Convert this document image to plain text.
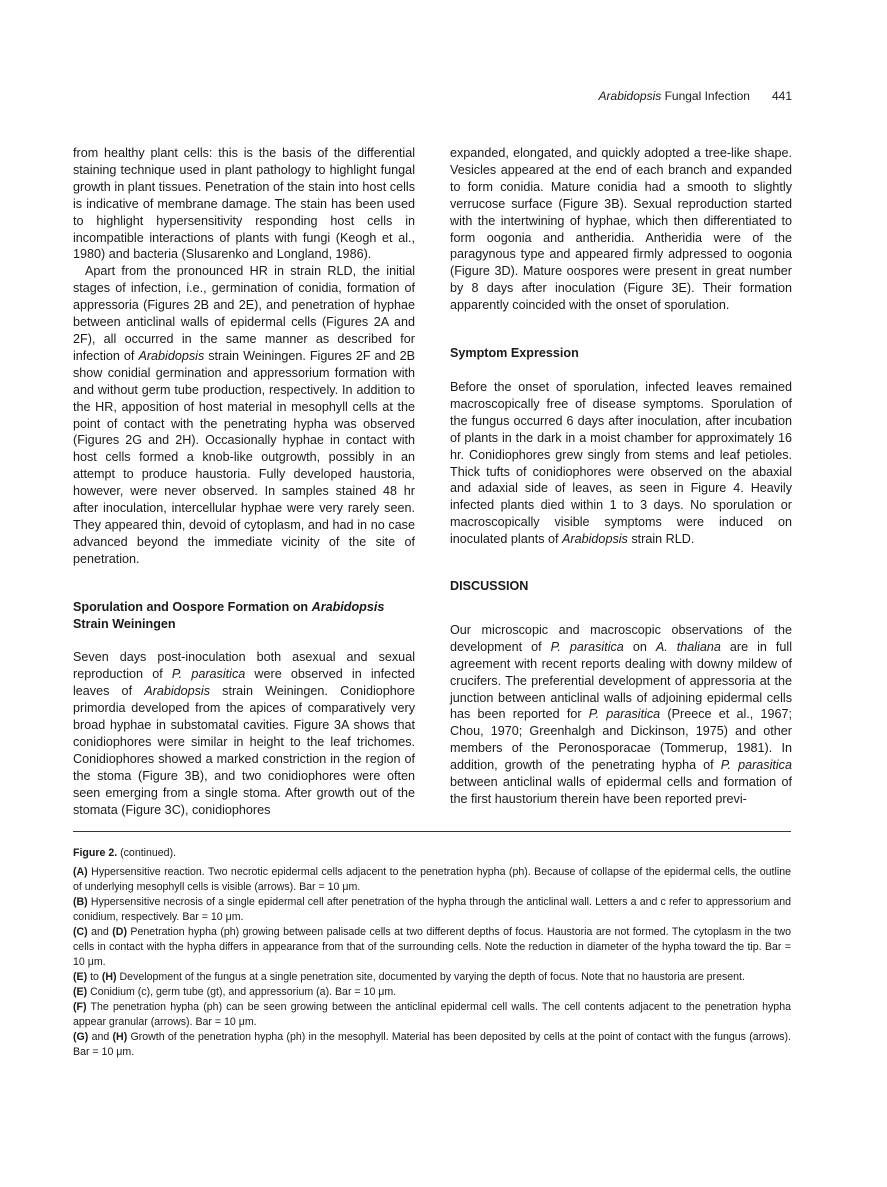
Arabidopsis Fungal Infection 441

from healthy plant cells: this is the basis of the differential staining technique used in plant pathology to highlight fungal growth in plant tissues. Penetration of the stain into host cells is indicative of membrane damage. The stain has been used to highlight hypersensitivity responding host cells in incompatible interactions of plants with fungi (Keogh et al., 1980) and bacteria (Slusarenko and Longland, 1986).

Apart from the pronounced HR in strain RLD, the initial stages of infection, i.e., germination of conidia, formation of appressoria (Figures 2B and 2E), and penetration of hyphae between anticlinal walls of epidermal cells (Figures 2A and 2F), all occurred in the same manner as described for infection of Arabidopsis strain Weiningen. Figures 2F and 2B show conidial germination and appressorium formation with and without germ tube production, respectively. In addition to the HR, apposition of host material in mesophyll cells at the point of contact with the penetrating hypha was observed (Figures 2G and 2H). Occasionally hyphae in contact with host cells formed a knob-like outgrowth, possibly in an attempt to produce haustoria. Fully developed haustoria, however, were never observed. In samples stained 48 hr after inoculation, intercellular hyphae were very rarely seen. They appeared thin, devoid of cytoplasm, and had in no case advanced beyond the immediate vicinity of the site of penetration.

Sporulation and Oospore Formation on Arabidopsis
Strain Weiningen

Seven days post-inoculation both asexual and sexual reproduction of P. parasitica were observed in infected leaves of Arabidopsis strain Weiningen. Conidiophore primordia developed from the apices of comparatively very broad hyphae in substomatal cavities. Figure 3A shows that conidiophores were similar in height to the leaf trichomes. Conidiophores showed a marked constriction in the region of the stoma (Figure 3B), and two conidiophores were often seen emerging from a single stoma. After growth out of the stomata (Figure 3C), conidiophores

expanded, elongated, and quickly adopted a tree-like shape. Vesicles appeared at the end of each branch and expanded to form conidia. Mature conidia had a smooth to slightly verrucose surface (Figure 3B). Sexual reproduction started with the intertwining of hyphae, which then differentiated to form oogonia and antheridia. Antheridia were of the paragynous type and appeared firmly adpressed to oogonia (Figure 3D). Mature oospores were present in great number by 8 days after inoculation (Figure 3E). Their formation apparently coincided with the onset of sporulation.

Symptom Expression

Before the onset of sporulation, infected leaves remained macroscopically free of disease symptoms. Sporulation of the fungus occurred 6 days after inoculation, after incubation of plants in the dark in a moist chamber for approximately 16 hr. Conidiophores grew singly from stems and leaf petioles. Thick tufts of conidiophores were observed on the abaxial and adaxial side of leaves, as seen in Figure 4. Heavily infected plants died within 1 to 3 days. No sporulation or macroscopically visible symptoms were induced on inoculated plants of Arabidopsis strain RLD.

DISCUSSION

Our microscopic and macroscopic observations of the development of P. parasitica on A. thaliana are in full agreement with recent reports dealing with downy mildew of crucifers. The preferential development of appressoria at the junction between anticlinal walls of adjoining epidermal cells has been reported for P. parasitica (Preece et al., 1967; Chou, 1970; Greenhalgh and Dickinson, 1975) and other members of the Peronosporacae (Tommerup, 1981). In addition, growth of the penetrating hypha of P. parasitica between anticlinal walls of epidermal cells and formation of the first haustorium therein have been reported previ-

Figure 2. (continued).

(A) Hypersensitive reaction. Two necrotic epidermal cells adjacent to the penetration hypha (ph). Because of collapse of the epidermal cells, the outline of underlying mesophyll cells is visible (arrows). Bar = 10 μm.

(B) Hypersensitive necrosis of a single epidermal cell after penetration of the hypha through the anticlinal wall. Letters a and c refer to appressorium and conidium, respectively. Bar = 10 μm.

(C) and (D) Penetration hypha (ph) growing between palisade cells at two different depths of focus. Haustoria are not formed. The cytoplasm in the two cells in contact with the hypha differs in appearance from that of the surrounding cells. Note the reduction in diameter of the hypha toward the tip. Bar = 10 μm.

(E) to (H) Development of the fungus at a single penetration site, documented by varying the depth of focus. Note that no haustoria are present.

(E) Conidium (c), germ tube (gt), and appressorium (a). Bar = 10 μm.

(F) The penetration hypha (ph) can be seen growing between the anticlinal epidermal cell walls. The cell contents adjacent to the penetration hypha appear granular (arrows). Bar = 10 μm.

(G) and (H) Growth of the penetration hypha (ph) in the mesophyll. Material has been deposited by cells at the point of contact with the fungus (arrows). Bar = 10 μm.
